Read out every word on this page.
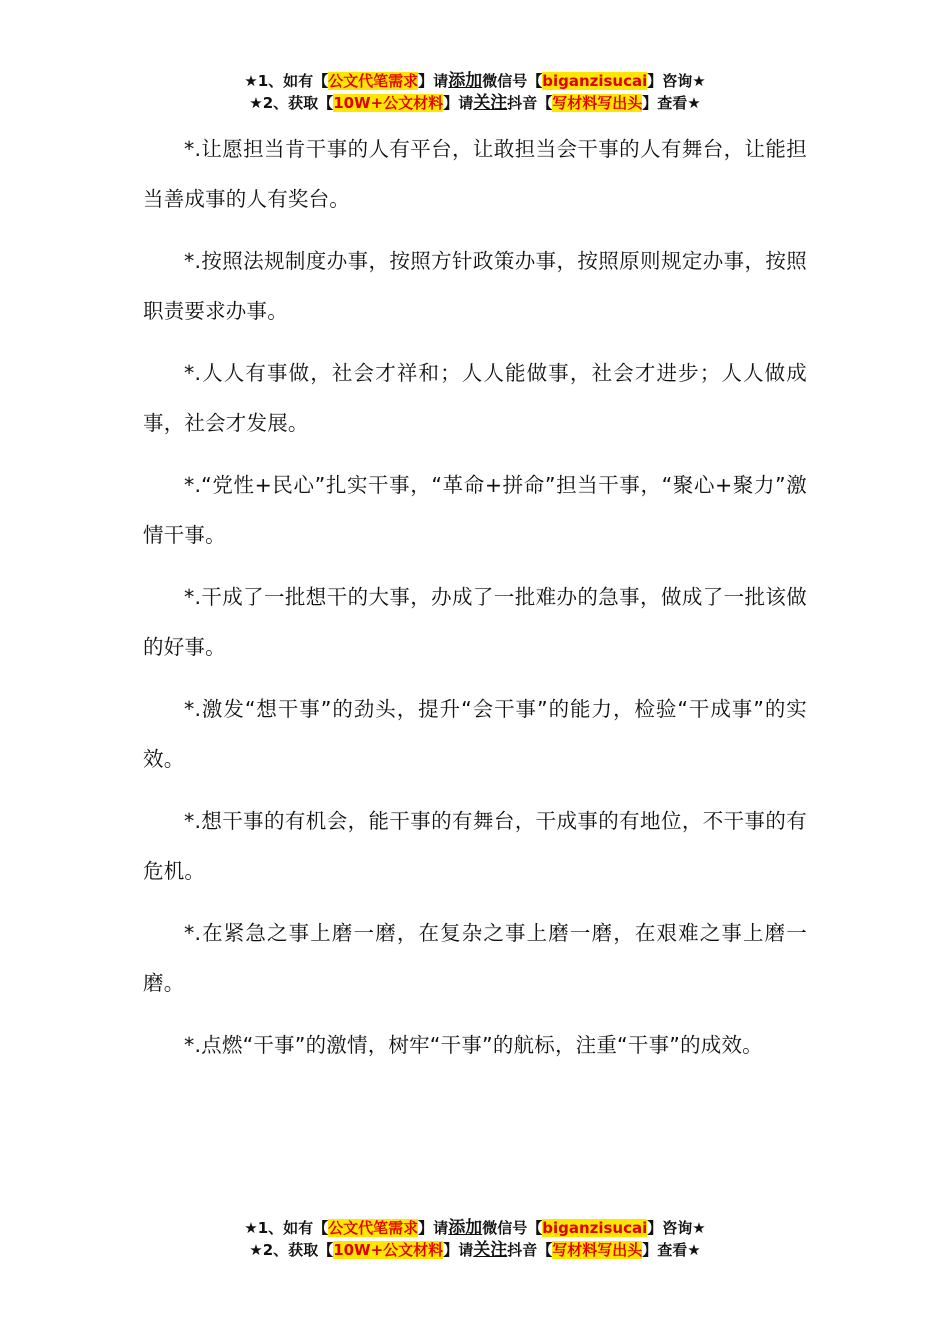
★1、如有【公文代笔需求】请添加微信号【biganzisucai】咨询★
★2、获取【10W+公文材料】请关注抖音【写材料写出头】查看★

*.让愿担当肯干事的人有平台，让敢担当会干事的人有舞台，让能担当善成事的人有奖台。

*.按照法规制度办事，按照方针政策办事，按照原则规定办事，按照职责要求办事。

*.人人有事做，社会才祥和；人人能做事，社会才进步；人人做成事，社会才发展。

*.“党性+民心”扎实干事，“革命+拼命”担当干事，“聚心+聚力”激情干事。

*.干成了一批想干的大事，办成了一批难办的急事，做成了一批该做的好事。

*.激发“想干事”的劲头，提升“会干事”的能力，检验“干成事”的实效。

*.想干事的有机会，能干事的有舞台，干成事的有地位，不干事的有危机。

*.在紧急之事上磨一磨，在复杂之事上磨一磨，在艰难之事上磨一磨。

*.点燃“干事”的激情，树牢“干事”的航标，注重“干事”的成效。

★1、如有【公文代笔需求】请添加微信号【biganzisucai】咨询★
★2、获取【10W+公文材料】请关注抖音【写材料写出头】查看★
